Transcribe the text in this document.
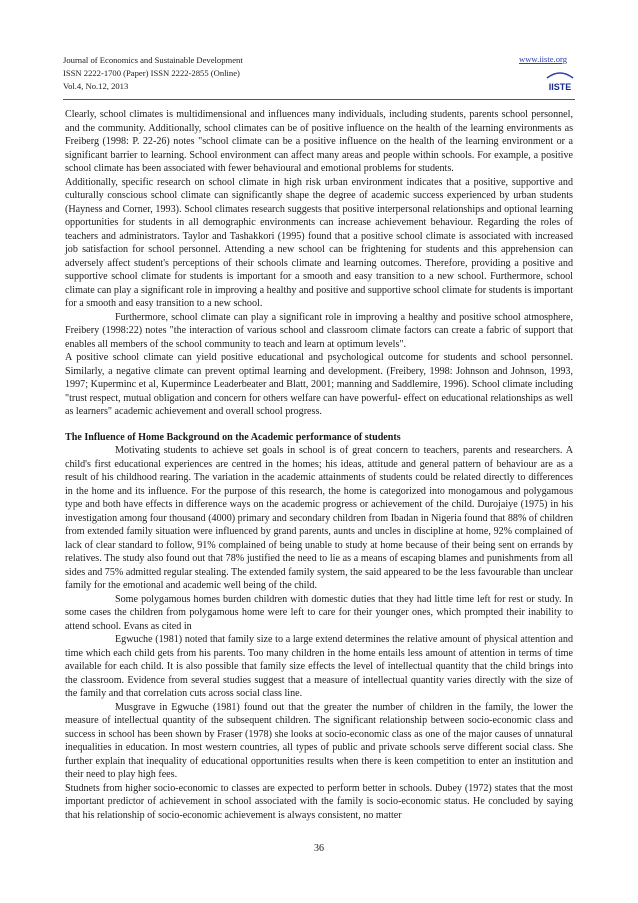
Journal of Economics and Sustainable Development
ISSN 2222-1700 (Paper) ISSN 2222-2855 (Online)
Vol.4, No.12, 2013
www.iiste.org
IISTE

Clearly, school climates is multidimensional and influences many individuals, including students, parents school personnel, and the community. Additionally, school climates can be of positive influence on the health of the learning environments as Freiberg (1998: P. 22-26) notes "school climate can be a positive influence on the health of the learning environment or a significant barrier to learning. School environment can affect many areas and people within schools. For example, a positive school climate has been associated with fewer behavioural and emotional problems for students.

Additionally, specific research on school climate in high risk urban environment indicates that a positive, supportive and culturally conscious school climate can significantly shape the degree of academic success experienced by urban students (Hayness and Corner, 1993). School climates research suggests that positive interpersonal relationships and optional learning opportunities for students in all demographic environments can increase achievement behaviour. Regarding the roles of teachers and administrators. Taylor and Tashakkori (1995) found that a positive school climate is associated with increased job satisfaction for school personnel. Attending a new school can be frightening for students and this apprehension can adversely affect student's perceptions of their schools climate and learning outcomes. Therefore, providing a positive and supportive school climate for students is important for a smooth and easy transition to a new school. Furthermore, school climate can play a significant role in improving a healthy and positive and supportive school climate for students is important for a smooth and easy transition to a new school.

Furthermore, school climate can play a significant role in improving a healthy and positive school atmosphere, Freibery (1998:22) notes "the interaction of various school and classroom climate factors can create a fabric of support that enables all members of the school community to teach and learn at optimum levels".

A positive school climate can yield positive educational and psychological outcome for students and school personnel. Similarly, a negative climate can prevent optimal learning and development. (Freibery, 1998: Johnson and Johnson, 1993, 1997; Kuperminc et al, Kupermince Leaderbeater and Blatt, 2001; manning and Saddlemire, 1996). School climate including "trust respect, mutual obligation and concern for others welfare can have powerful- effect on educational relationships as well as learners" academic achievement and overall school progress.

The Influence of Home Background on the Academic performance of students

Motivating students to achieve set goals in school is of great concern to teachers, parents and researchers. A child's first educational experiences are centred in the homes; his ideas, attitude and general pattern of behaviour are as a result of his childhood rearing. The variation in the academic attainments of students could be related directly to differences in the home and its influence. For the purpose of this research, the home is categorized into monogamous and polygamous type and both have effects in difference ways on the academic progress or achievement of the child. Durojaiye (1975) in his investigation among four thousand (4000) primary and secondary children from Ibadan in Nigeria found that 88% of children from extended family situation were influenced by grand parents, aunts and uncles in discipline at home, 92% complained of lack of clear standard to follow, 91% complained of being unable to study at home because of their being sent on errands by relatives. The study also found out that 78% justified the need to lie as a means of escaping blames and punishments from all sides and 75% admitted regular stealing. The extended family system, the said appeared to be the less favourable than unclear family for the emotional and academic well being of the child.

Some polygamous homes burden children with domestic duties that they had little time left for rest or study. In some cases the children from polygamous home were left to care for their younger ones, which prompted their inability to attend school. Evans as cited in

Egwuche (1981) noted that family size to a large extend determines the relative amount of physical attention and time which each child gets from his parents. Too many children in the home entails less amount of attention in terms of time available for each child. It is also possible that family size effects the level of intellectual quantity that the child brings into the classroom. Evidence from several studies suggest that a measure of intellectual quantity varies directly with the size of the family and that correlation cuts across social class line.

Musgrave in Egwuche (1981) found out that the greater the number of children in the family, the lower the measure of intellectual quantity of the subsequent children. The significant relationship between socio-economic class and success in school has been shown by Fraser (1978) she looks at socio-economic class as one of the major causes of unnatural inequalities in education. In most western countries, all types of public and private schools serve different social class. She further explain that inequality of educational opportunities results when there is keen competition to enter an institution and their need to play high fees.

Studnets from higher socio-economic to classes are expected to perform better in schools. Dubey (1972) states that the most important predictor of achievement in school associated with the family is socio-economic status. He concluded by saying that his relationship of socio-economic achievement is always consistent, no matter

36
